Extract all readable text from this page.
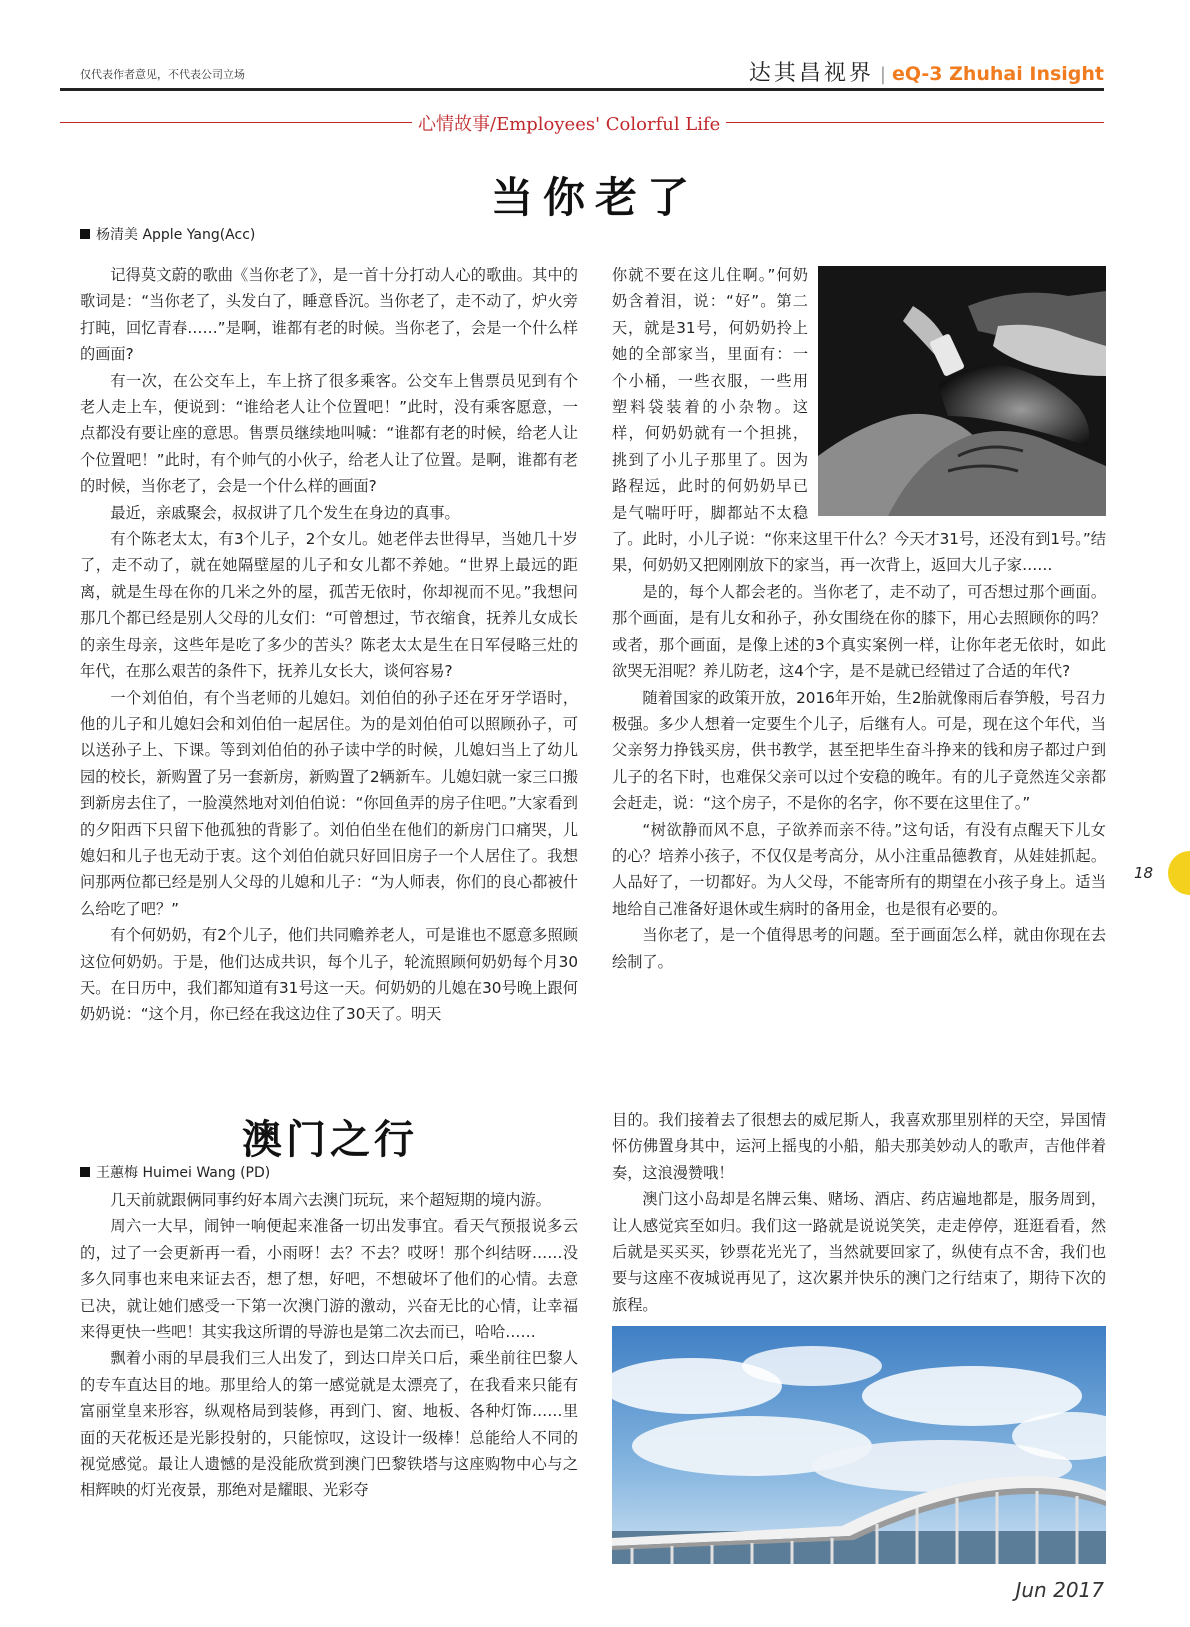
仅代表作者意见，不代表公司立场	达其昌视界 | eQ-3 Zhuhai Insight
心情故事/Employees' Colorful Life
当你老了
杨清美 Apple Yang(Acc)

记得莫文蔚的歌曲《当你老了》，是一首十分打动人心的歌曲。其中的歌词是：“当你老了，头发白了，睡意昏沉。当你老了，走不动了，炉火旁打盹，回忆青春……”是啊，谁都有老的时候。当你老了，会是一个什么样的画面?

有一次，在公交车上，车上挤了很多乘客。公交车上售票员见到有个老人走上车，便说到：“谁给老人让个位置吧！”此时，没有乘客愿意，一点都没有要让座的意思。售票员继续地叫喊：“谁都有老的时候，给老人让个位置吧！”此时，有个帅气的小伙子，给老人让了位置。是啊，谁都有老的时候，当你老了，会是一个什么样的画面?

最近，亲戚聚会，叔叔讲了几个发生在身边的真事。

有个陈老太太，有3个儿子，2个女儿。她老伴去世得早，当她几十岁了，走不动了，就在她隔壁屋的儿子和女儿都不养她。“世界上最远的距离，就是生母在你的几米之外的屋，孤苦无依时，你却视而不见。”我想问那几个都已经是别人父母的儿女们：“可曾想过，节衣缩食，抚养儿女成长的亲生母亲，这些年是吃了多少的苦头？陈老太太是生在日军侵略三灶的年代，在那么艰苦的条件下，抚养儿女长大，谈何容易?

一个刘伯伯，有个当老师的儿媳妇。刘伯伯的孙子还在牙牙学语时，他的儿子和儿媳妇会和刘伯伯一起居住。为的是刘伯伯可以照顾孙子，可以送孙子上、下课。等到刘伯伯的孙子读中学的时候，儿媳妇当上了幼儿园的校长，新购置了另一套新房，新购置了2辆新车。儿媳妇就一家三口搬到新房去住了，一脸漠然地对刘伯伯说：“你回鱼弄的房子住吧。”大家看到的夕阳西下只留下他孤独的背影了。刘伯伯坐在他们的新房门口痛哭，儿媳妇和儿子也无动于衷。这个刘伯伯就只好回旧房子一个人居住了。我想问那两位都已经是别人父母的儿媳和儿子：“为人师表，你们的良心都被什么给吃了吧？”

有个何奶奶，有2个儿子，他们共同赡养老人，可是谁也不愿意多照顾这位何奶奶。于是，他们达成共识，每个儿子，轮流照顾何奶奶每个月30天。在日历中，我们都知道有31号这一天。何奶奶的儿媳在30号晚上跟何奶奶说：“这个月，你已经在我这边住了30天了。明天

你就不要在这儿住啊。”何奶奶含着泪，说：“好”。第二天，就是31号，何奶奶拎上她的全部家当，里面有：一个小桶，一些衣服，一些用塑料袋装着的小杂物。这样，何奶奶就有一个担挑，挑到了小儿子那里了。因为路程远，此时的何奶奶早已是气喘吁吁，脚都站不太稳了。此时，小儿子说：“你来这里干什么？今天才31号，还没有到1号。”结果，何奶奶又把刚刚放下的家当，再一次背上，返回大儿子家……

是的，每个人都会老的。当你老了，走不动了，可否想过那个画面。那个画面，是有儿女和孙子，孙女围绕在你的膝下，用心去照顾你的吗？或者，那个画面，是像上述的3个真实案例一样，让你年老无依时，如此欲哭无泪呢？养儿防老，这4个字，是不是就已经错过了合适的年代?

随着国家的政策开放，2016年开始，生2胎就像雨后春笋般，号召力极强。多少人想着一定要生个儿子，后继有人。可是，现在这个年代，当父亲努力挣钱买房，供书教学，甚至把毕生奋斗挣来的钱和房子都过户到儿子的名下时，也难保父亲可以过个安稳的晚年。有的儿子竟然连父亲都会赶走，说：“这个房子，不是你的名字，你不要在这里住了。”

“树欲静而风不息，子欲养而亲不待。”这句话，有没有点醒天下儿女的心？培养小孩子，不仅仅是考高分，从小注重品德教育，从娃娃抓起。人品好了，一切都好。为人父母，不能寄所有的期望在小孩子身上。适当地给自己准备好退休或生病时的备用金，也是很有必要的。

当你老了，是一个值得思考的问题。至于画面怎么样，就由你现在去绘制了。

澳门之行
王蕙梅 Huimei Wang (PD)

几天前就跟俩同事约好本周六去澳门玩玩，来个超短期的境内游。

周六一大早，闹钟一响便起来准备一切出发事宜。看天气预报说多云的，过了一会更新再一看，小雨呀！去？不去？哎呀！那个纠结呀……没多久同事也来电来证去否，想了想，好吧，不想破坏了他们的心情。去意已决，就让她们感受一下第一次澳门游的激动，兴奋无比的心情，让幸福来得更快一些吧！其实我这所谓的导游也是第二次去而已，哈哈……

飘着小雨的早晨我们三人出发了，到达口岸关口后，乘坐前往巴黎人的专车直达目的地。那里给人的第一感觉就是太漂亮了，在我看来只能有富丽堂皇来形容，纵观格局到装修，再到门、窗、地板、各种灯饰……里面的天花板还是光影投射的，只能惊叹，这设计一级棒！总能给人不同的视觉感觉。最让人遗憾的是没能欣赏到澳门巴黎铁塔与这座购物中心与之相辉映的灯光夜景，那绝对是耀眼、光彩夺

目的。我们接着去了很想去的威尼斯人，我喜欢那里别样的天空，异国情怀仿佛置身其中，运河上摇曳的小船，船夫那美妙动人的歌声，吉他伴着奏，这浪漫赞哦！

澳门这小岛却是名牌云集、赌场、酒店、药店遍地都是，服务周到，让人感觉宾至如归。我们这一路就是说说笑笑，走走停停，逛逛看看，然后就是买买买，钞票花光光了，当然就要回家了，纵使有点不舍，我们也要与这座不夜城说再见了，这次累并快乐的澳门之行结束了，期待下次的旅程。

18
Jun 2017
